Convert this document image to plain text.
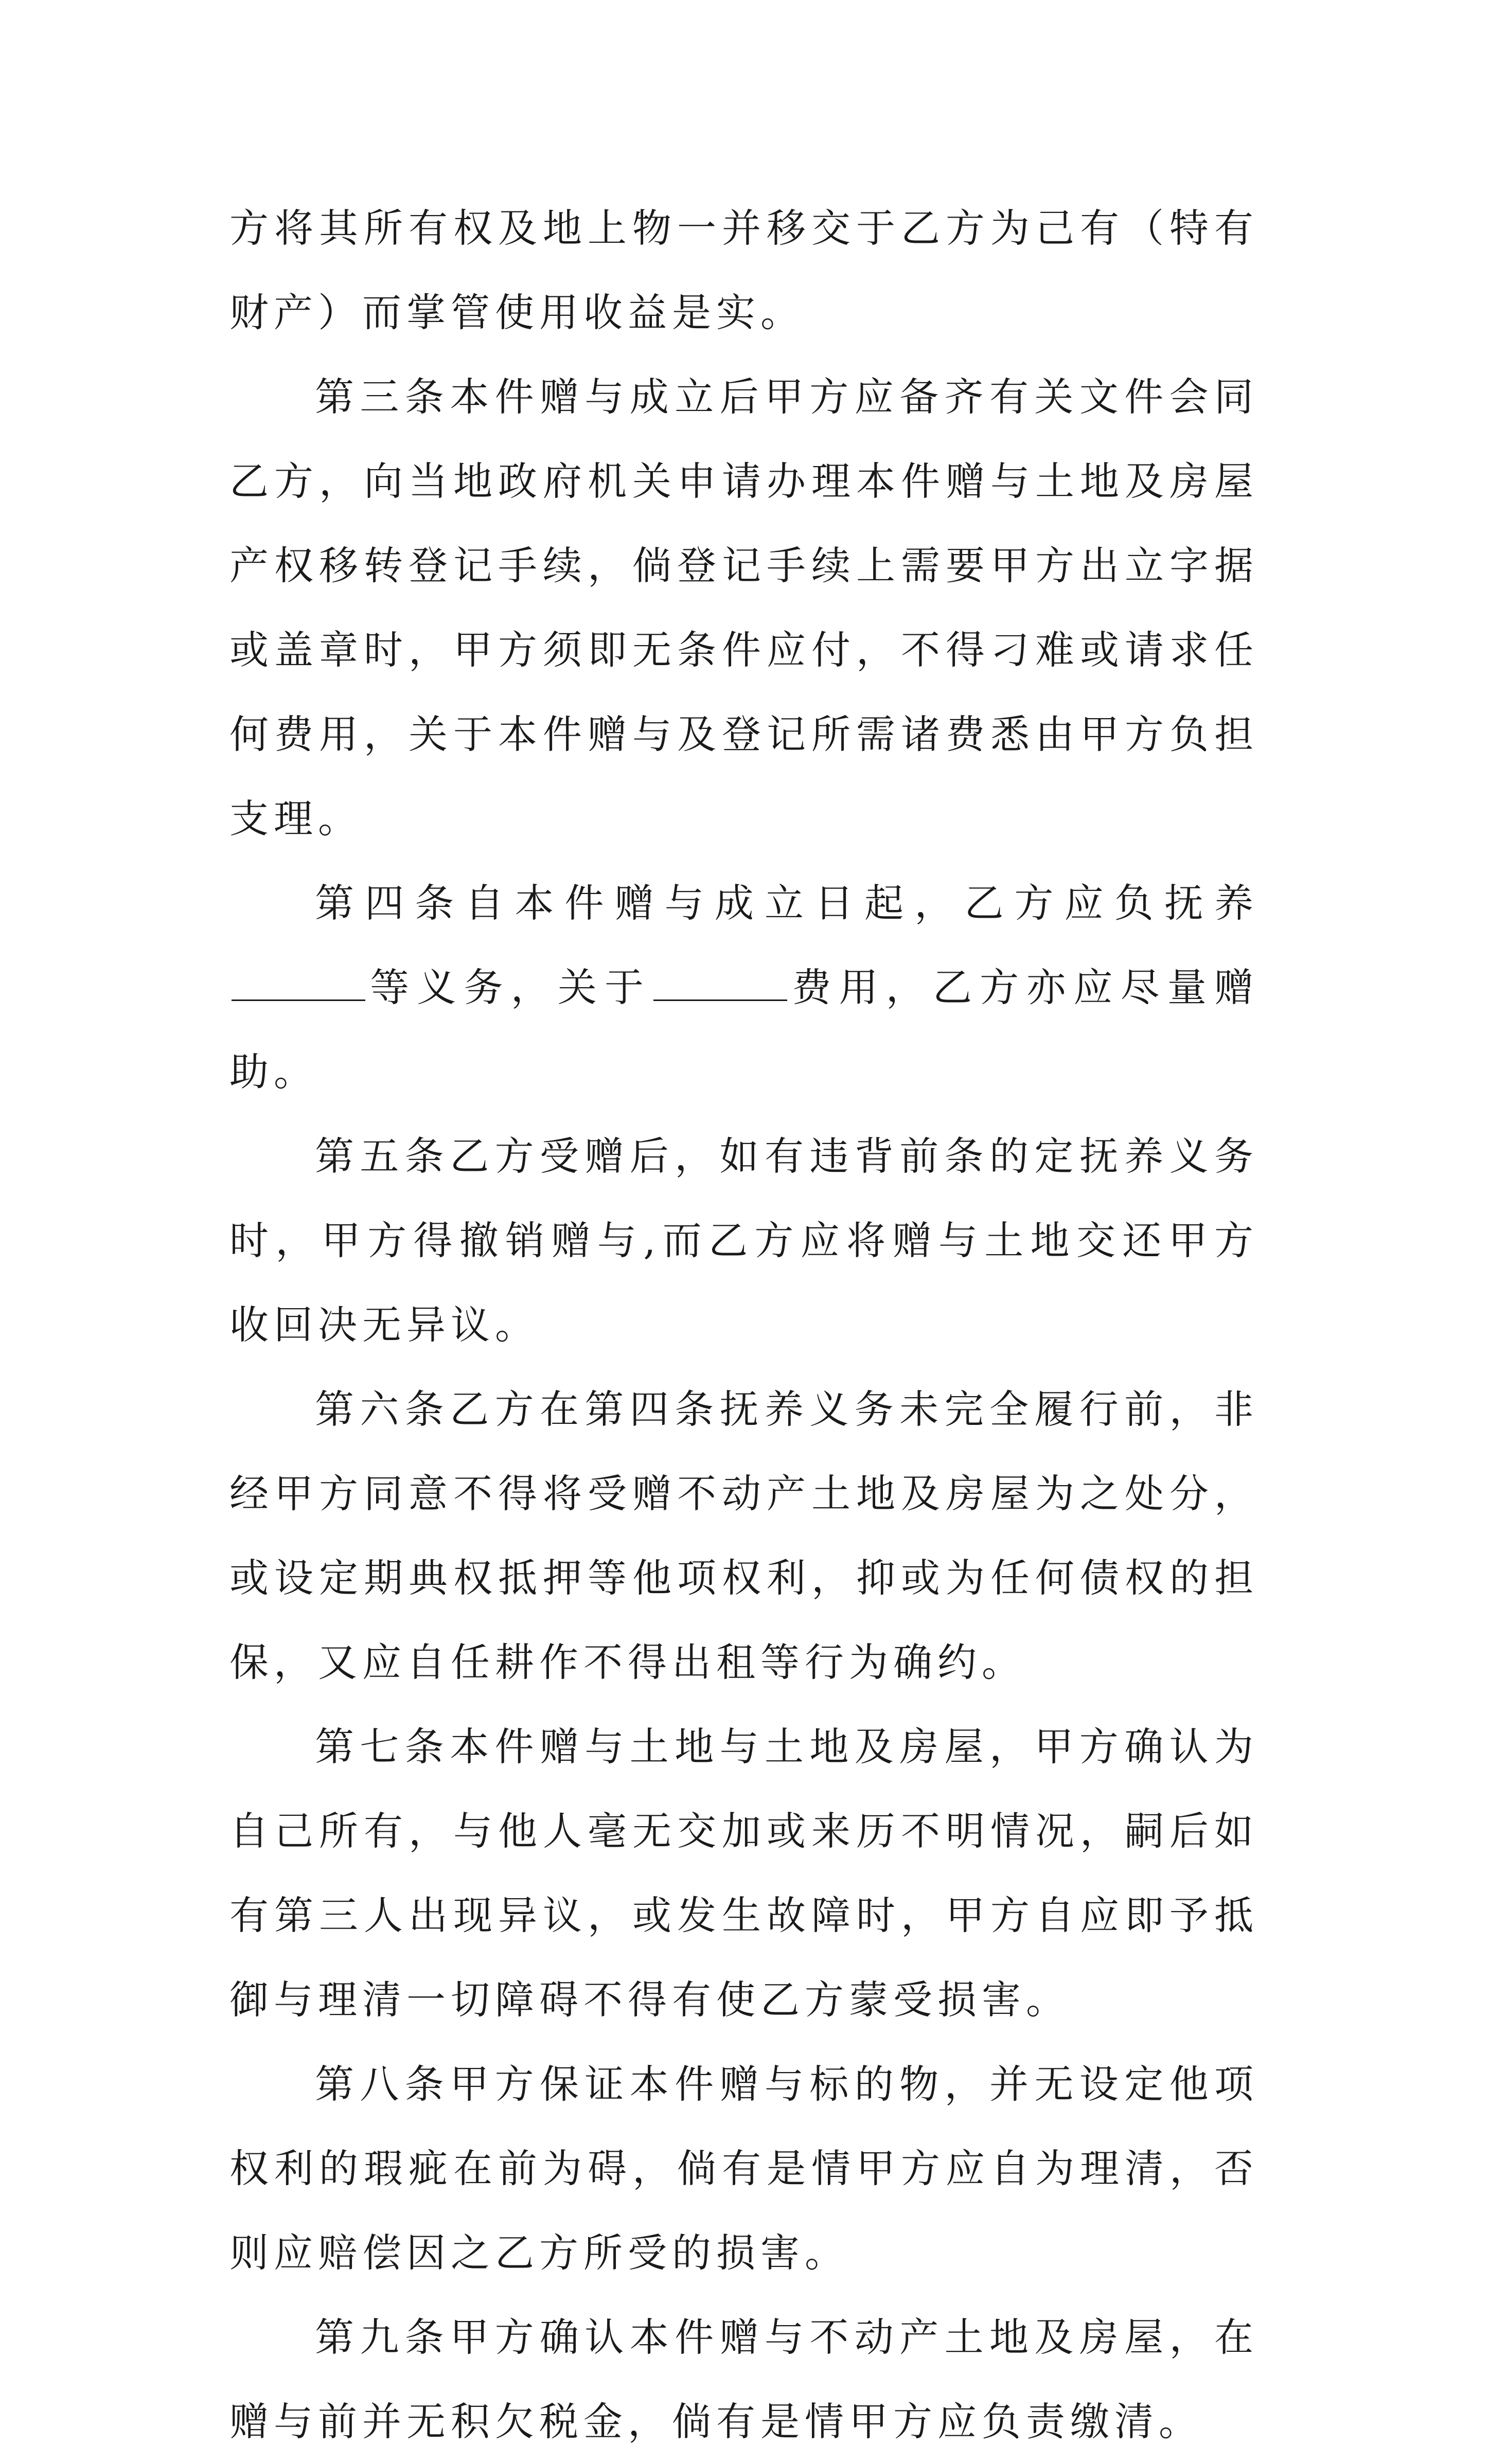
方将其所有权及地上物一并移交于乙方为己有（特有财产）而掌管使用收益是实。

第三条本件赠与成立后甲方应备齐有关文件会同乙方，向当地政府机关申请办理本件赠与土地及房屋产权移转登记手续，倘登记手续上需要甲方出立字据或盖章时，甲方须即无条件应付，不得刁难或请求任何费用，关于本件赠与及登记所需诸费悉由甲方负担支理。

第四条自本件赠与成立日起，乙方应负抚养等义务，关于	费用，乙方亦应尽量赠助。

第五条乙方受赠后，如有违背前条的定抚养义务时，甲方得撤销赠与,而乙方应将赠与土地交还甲方收回决无异议。

第六条乙方在第四条抚养义务未完全履行前，非经甲方同意不得将受赠不动产土地及房屋为之处分，或设定期典权抵押等他项权利，抑或为任何债权的担保，又应自任耕作不得出租等行为确约。

第七条本件赠与土地与土地及房屋，甲方确认为自己所有，与他人毫无交加或来历不明情况，嗣后如有第三人出现异议，或发生故障时，甲方自应即予抵御与理清一切障碍不得有使乙方蒙受损害。

第八条甲方保证本件赠与标的物，并无设定他项权利的瑕疵在前为碍，倘有是情甲方应自为理清，否则应赔偿因之乙方所受的损害。

第九条甲方确认本件赠与不动产土地及房屋，在赠与前并无积欠税金，倘有是情甲方应负责缴清。
